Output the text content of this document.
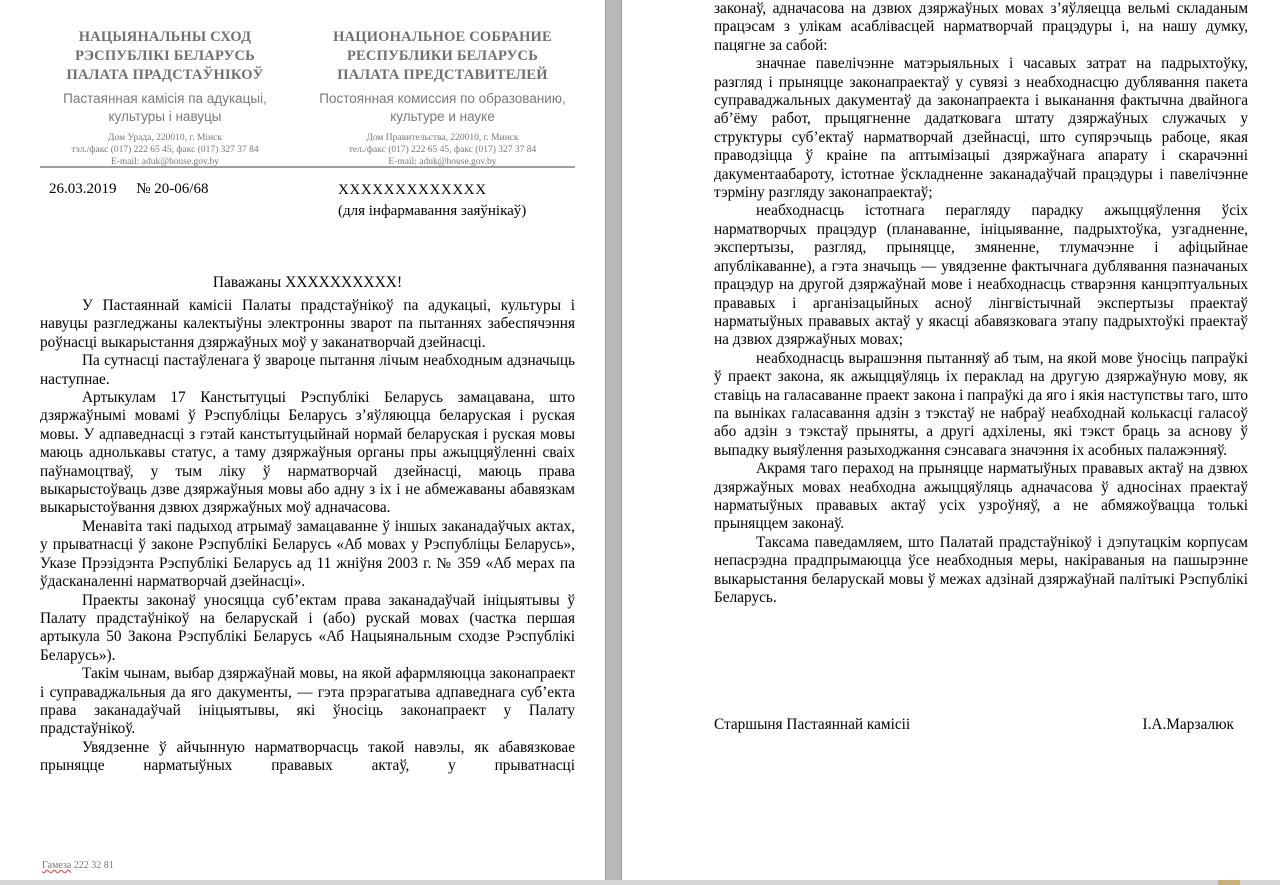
НАЦЫЯНАЛЬНЫ СХОД
РЭСПУБЛІКІ БЕЛАРУСЬ
ПАЛАТА ПРАДСТАЎНІКОЎ
Пастаянная камісія па адукацыі,
культуры і навуцы
Дом Урада, 220010, г. Мінск
тэл./факс (017) 222 65 45, факс (017) 327 37 84
E-mail: aduk@house.gov.by
НАЦИОНАЛЬНОЕ СОБРАНИЕ
РЕСПУБЛИКИ БЕЛАРУСЬ
ПАЛАТА ПРЕДСТАВИТЕЛЕЙ
Постоянная комиссия по образованию,
культуре и науке
Дом Правительства, 220010, г. Минск
тел./факс (017) 222 65 45, факс (017) 327 37 84
E-mail: aduk@house.gov.by
26.03.2019 № 20-06/68	ХХХХХХХХХХХХХ
(для інфармавання заяўнікаў)
Паважаны ХХХХХХХХХХ!

У Пастаяннай камісіі Палаты прадстаўнікоў па адукацыі, культуры і навуцы разгледжаны калектыўны электронны зварот па пытаннях забеспячэння роўнасці выкарыстання дзяржаўных моў у заканатворчай дзейнасці.

Па сутнасці пастаўленага ў звароце пытання лічым неабходным адзначыць наступнае.

Артыкулам 17 Канстытуцыі Рэспублікі Беларусь замацавана, што дзяржаўнымі мовамі ў Рэспубліцы Беларусь з’яўляюцца беларуская і руская мовы. У адпаведнасці з гэтай канстытуцыйнай нормай беларуская і руская мовы маюць аднолькавы статус, а таму дзяржаўныя органы пры ажыццяўленні сваіх паўнамоцтваў, у тым ліку ў нарматворчай дзейнасці, маюць права выкарыстоўваць дзве дзяржаўныя мовы або адну з іх і не абмежаваны абавязкам выкарыстоўвання дзвюх дзяржаўных моў адначасова.

Менавіта такі падыход атрымаў замацаванне ў іншых заканадаўчых актах, у прыватнасці ў законе Рэспублікі Беларусь «Аб мовах у Рэспубліцы Беларусь», Указе Прэзідэнта Рэспублікі Беларусь ад 11 жніўня 2003 г. № 359 «Аб мерах па ўдасканаленні нарматворчай дзейнасці».

Праекты законаў уносяцца суб’ектам права заканадаўчай ініцыятывы ў Палату прадстаўнікоў на беларускай і (або) рускай мовах (частка першая артыкула 50 Закона Рэспублікі Беларусь «Аб Нацыянальным сходзе Рэспублікі Беларусь»).

Такім чынам, выбар дзяржаўнай мовы, на якой афармляюцца законапраект і суправаджальныя да яго дакументы, — гэта прэрагатыва адпаведнага суб’екта права заканадаўчай ініцыятывы, які ўносіць законапраект у Палату прадстаўнікоў.

Увядзенне ў айчынную нарматворчасць такой навэлы, як абавязковае прыняцце нарматыўных прававых актаў, у прыватнасці

Гамеза 222 32 81

законаў, адначасова на дзвюх дзяржаўных мовах з’яўляецца вельмі складаным працэсам з улікам асаблівасцей нарматворчай працэдуры і, на нашу думку, пацягне за сабой:

значнае павелічэнне матэрыяльных і часавых затрат на падрыхтоўку, разгляд і прыняцце законапраектаў у сувязі з неабходнасцю дублявання пакета суправаджальных дакументаў да законапраекта і выканання фактычна двайнога аб’ёму работ, прыцягненне дадатковага штату дзяржаўных служачых у структуры суб’ектаў нарматворчай дзейнасці, што супярэчыць рабоце, якая праводзіцца ў краіне па аптымізацыі дзяржаўнага апарату і скарачэнні дакументаабароту, істотнае ўскладненне заканадаўчай працэдуры і павелічэнне тэрміну разгляду законапраектаў;

неабходнасць істотнага перагляду парадку ажыццяўлення ўсіх нарматворчых працэдур (планаванне, ініцыяванне, падрыхтоўка, узгадненне, экспертызы, разгляд, прыняцце, змяненне, тлумачэнне і афіцыйнае апублікаванне), а гэта значыць — увядзенне фактычнага дублявання пазначаных працэдур на другой дзяржаўнай мове і неабходнасць стварэння канцэптуальных прававых і арганізацыйных асноў лінгвістычнай экспертызы праектаў нарматыўных прававых актаў у якасці абавязковага этапу падрыхтоўкі праектаў на дзвюх дзяржаўных мовах;

неабходнасць вырашэння пытанняў аб тым, на якой мове ўносіць папраўкі ў праект закона, як ажыццяўляць іх пераклад на другую дзяржаўную мову, як ставіць на галасаванне праект закона і папраўкі да яго і якія наступствы таго, што па выніках галасавання адзін з тэкстаў не набраў неабходнай колькасці галасоў або адзін з тэкстаў прыняты, а другі адхілены, які тэкст браць за аснову ў выпадку выяўлення разыходжання сэнсавага значэння іх асобных палажэнняў.

Акрамя таго пераход на прыняцце нарматыўных прававых актаў на дзвюх дзяржаўных мовах неабходна ажыццяўляць адначасова ў адносінах праектаў нарматыўных прававых актаў усіх узроўняў, а не абмяжоўвацца толькі прыняццем законаў.

Таксама паведамляем, што Палатай прадстаўнікоў і дэпутацкім корпусам непасрэдна прадпрымаюцца ўсе неабходныя меры, накіраваныя на пашырэнне выкарыстання беларускай мовы ў межах адзінай дзяржаўнай палітыкі Рэспублікі Беларусь.

Старшыня Пастаяннай камісіі	І.А.Марзалюк
